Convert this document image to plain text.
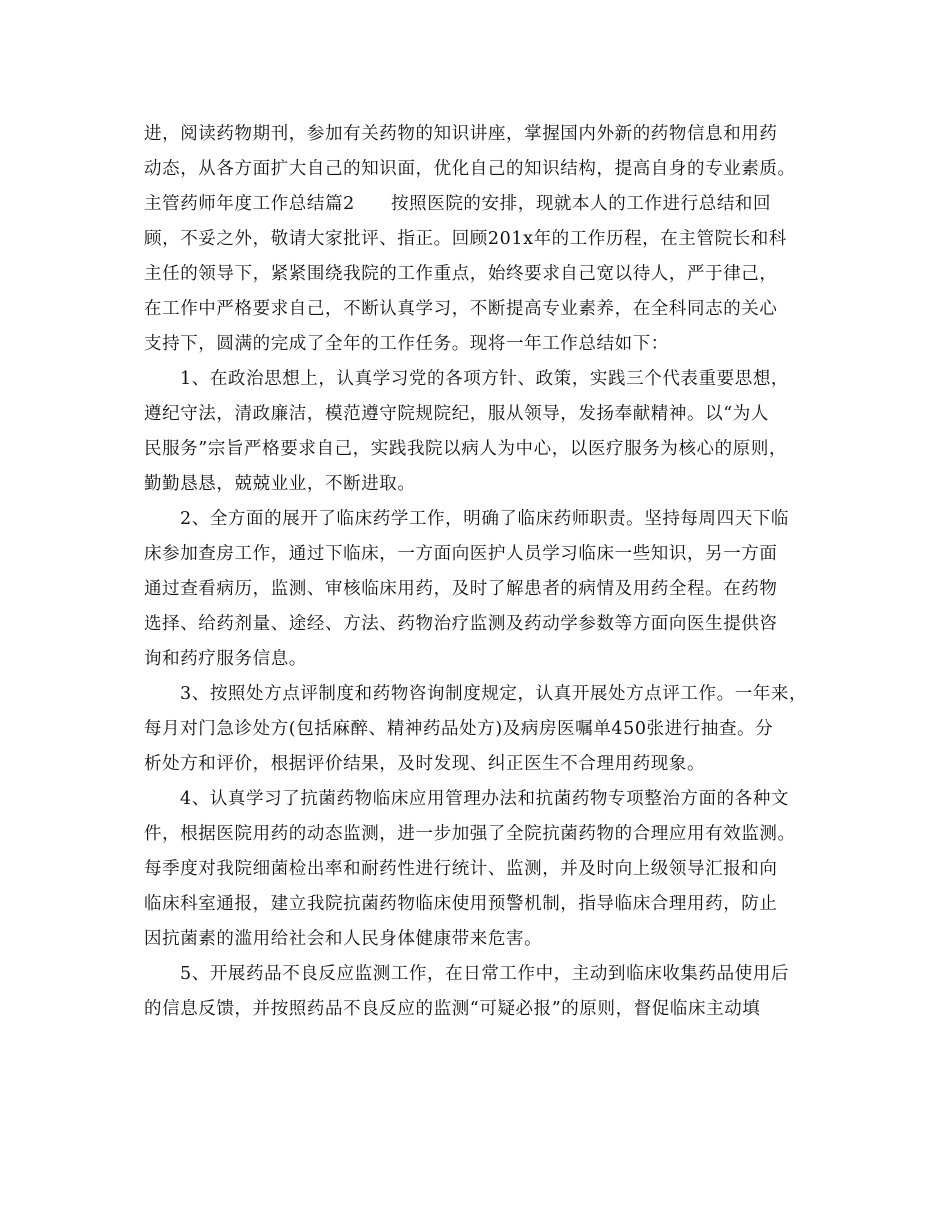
进，阅读药物期刊，参加有关药物的知识讲座，掌握国内外新的药物信息和用药
动态，从各方面扩大自己的知识面，优化自己的知识结构，提高自身的专业素质。
主管药师年度工作总结篇2　　按照医院的安排，现就本人的工作进行总结和回
顾，不妥之外，敬请大家批评、指正。回顾201x年的工作历程，在主管院长和科
主任的领导下，紧紧围绕我院的工作重点，始终要求自己宽以待人，严于律己，
在工作中严格要求自己，不断认真学习，不断提高专业素养，在全科同志的关心
支持下，圆满的完成了全年的工作任务。现将一年工作总结如下：
1、在政治思想上，认真学习党的各项方针、政策，实践三个代表重要思想，
遵纪守法，清政廉洁，模范遵守院规院纪，服从领导，发扬奉献精神。以“为人
民服务”宗旨严格要求自己，实践我院以病人为中心，以医疗服务为核心的原则，
勤勤恳恳，兢兢业业，不断进取。
2、全方面的展开了临床药学工作，明确了临床药师职责。坚持每周四天下临
床参加查房工作，通过下临床，一方面向医护人员学习临床一些知识，另一方面
通过查看病历，监测、审核临床用药，及时了解患者的病情及用药全程。在药物
选择、给药剂量、途经、方法、药物治疗监测及药动学参数等方面向医生提供咨
询和药疗服务信息。
3、按照处方点评制度和药物咨询制度规定，认真开展处方点评工作。一年来，
每月对门急诊处方(包括麻醉、精神药品处方)及病房医嘱单450张进行抽查。分
析处方和评价，根据评价结果，及时发现、纠正医生不合理用药现象。
4、认真学习了抗菌药物临床应用管理办法和抗菌药物专项整治方面的各种文
件，根据医院用药的动态监测，进一步加强了全院抗菌药物的合理应用有效监测。
每季度对我院细菌检出率和耐药性进行统计、监测，并及时向上级领导汇报和向
临床科室通报，建立我院抗菌药物临床使用预警机制，指导临床合理用药，防止
因抗菌素的滥用给社会和人民身体健康带来危害。
5、开展药品不良反应监测工作，在日常工作中，主动到临床收集药品使用后
的信息反馈，并按照药品不良反应的监测“可疑必报”的原则，督促临床主动填
